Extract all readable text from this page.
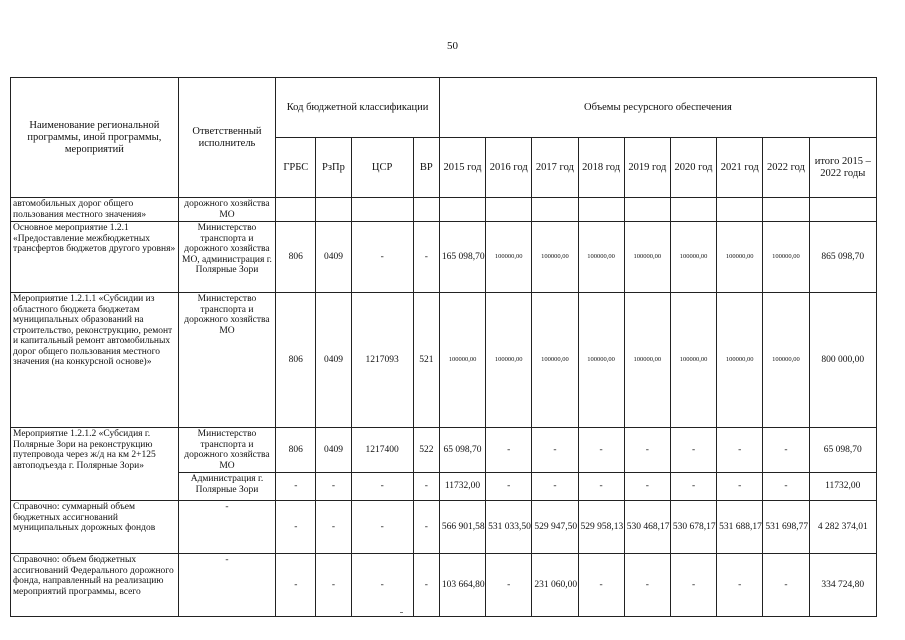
50
Наименование региональной программы, иной программы, мероприятий	Ответственный исполнитель	Код бюджетной классификации				Объемы ресурсного обеспечения								
		ГРБС	РзПр	ЦСР	ВР	2015 год	2016 год	2017 год	2018 год	2019 год	2020 год	2021 год	2022 год	итого 2015 – 2022 годы
автомобильных дорог общего пользования местного значения»	дорожного хозяйства МО													
Основное мероприятие 1.2.1 «Предоставление межбюджетных трансфертов бюджетов другого уровня»	Министерство транспорта и дорожного хозяйства МО, администрация г. Полярные Зори	806	0409	-	-	165 098,70	100000,00	100000,00	100000,00	100000,00	100000,00	100000,00	100000,00	865 098,70
Мероприятие 1.2.1.1 «Субсидии из областного бюджета бюджетам муниципальных образований на строительство, реконструкцию, ремонт и капитальный ремонт автомобильных дорог общего пользования местного значения (на конкурсной основе)»	Министерство транспорта и дорожного хозяйства МО	806	0409	1217093	521	100000,00	100000,00	100000,00	100000,00	100000,00	100000,00	100000,00	100000,00	800 000,00
Мероприятие 1.2.1.2 «Субсидия г. Полярные Зори на реконструкцию путепровода через ж/д на км 2+125 автоподъезда г. Полярные Зори»	Министерство транспорта и дорожного хозяйства МО	806	0409	1217400	522	65 098,70	-	-	-	-	-	-	-	65 098,70
	Администрация г. Полярные Зори	-	-	-	-	11732,00	-	-	-	-	-	-	-	11732,00
Справочно: суммарный объем бюджетных ассигнований муниципальных дорожных фондов	-	-	-	-	-	566 901,58	531 033,50	529 947,50	529 958,13	530 468,17	530 678,17	531 688,17	531 698,77	4 282 374,01
Справочно: объем бюджетных ассигнований Федерального дорожного фонда, направленный на реализацию мероприятий программы, всего	-	-	-	-	-	103 664,80	-	231 060,00	-	-	-	-	-	334 724,80
